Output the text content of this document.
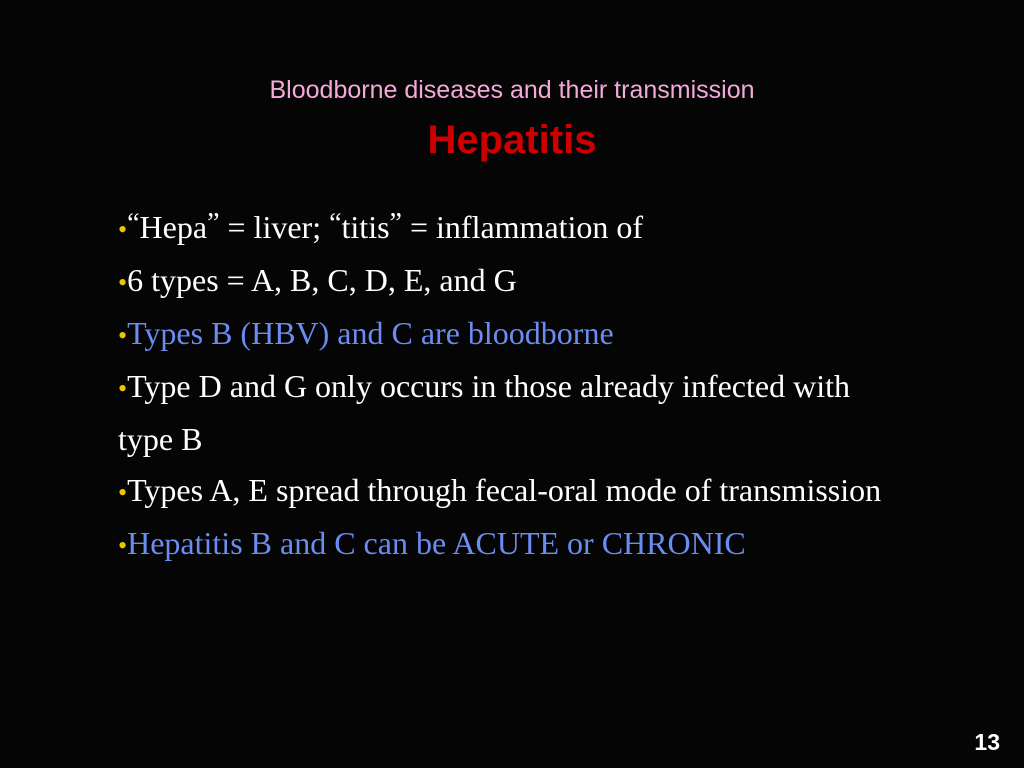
Bloodborne diseases and their transmission
Hepatitis
•“Hepa” = liver; “titis” = inflammation of
•6 types = A, B, C, D, E, and G
•Types B (HBV) and C are bloodborne
•Type D and G only occurs in those already infected with type B
•Types A, E spread through fecal-oral mode of transmission
•Hepatitis B and C can be ACUTE or CHRONIC
13
